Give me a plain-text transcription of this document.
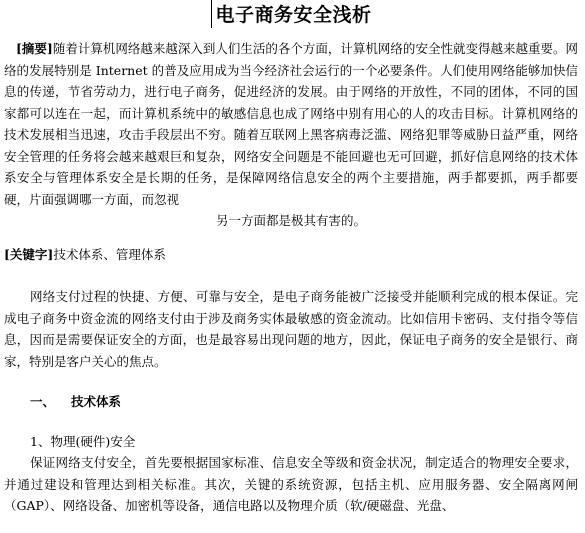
电子商务安全浅析

[摘要]随着计算机网络越来越深入到人们生活的各个方面，计算机网络的安全性就变得越来越重要。网络的发展特别是 Internet 的普及应用成为当今经济社会运行的一个必要条件。人们使用网络能够加快信息的传递，节省劳动力，进行电子商务，促进经济的发展。由于网络的开放性，不同的团体，不同的国家都可以连在一起，而计算机系统中的敏感信息也成了网络中别有用心的人的攻击目标。计算机网络的技术发展相当迅速，攻击手段层出不穷。随着互联网上黑客病毒泛滥、网络犯罪等威胁日益严重，网络安全管理的任务将会越来越艰巨和复杂，网络安全问题是不能回避也无可回避，抓好信息网络的技术体系安全与管理体系安全是长期的任务，是保障网络信息安全的两个主要措施，两手都要抓，两手都要硬，片面强调哪一方面，而忽视
另一方面都是极其有害的。

[关键字]技术体系、管理体系

网络支付过程的快捷、方便、可靠与安全，是电子商务能被广泛接受并能顺利完成的根本保证。完成电子商务中资金流的网络支付由于涉及商务实体最敏感的资金流动。比如信用卡密码、支付指令等信息，因而是需要保证安全的方面，也是最容易出现问题的地方，因此，保证电子商务的安全是银行、商家，特别是客户关心的焦点。

一、 技术体系

1、物理(硬件)安全

保证网络支付安全，首先要根据国家标准、信息安全等级和资金状况，制定适合的物理安全要求，并通过建设和管理达到相关标准。其次，关键的系统资源，包括主机、应用服务器、安全隔离网闸（GAP）、网络设备、加密机等设备，通信电路以及物理介质（软/硬磁盘、光盘、
